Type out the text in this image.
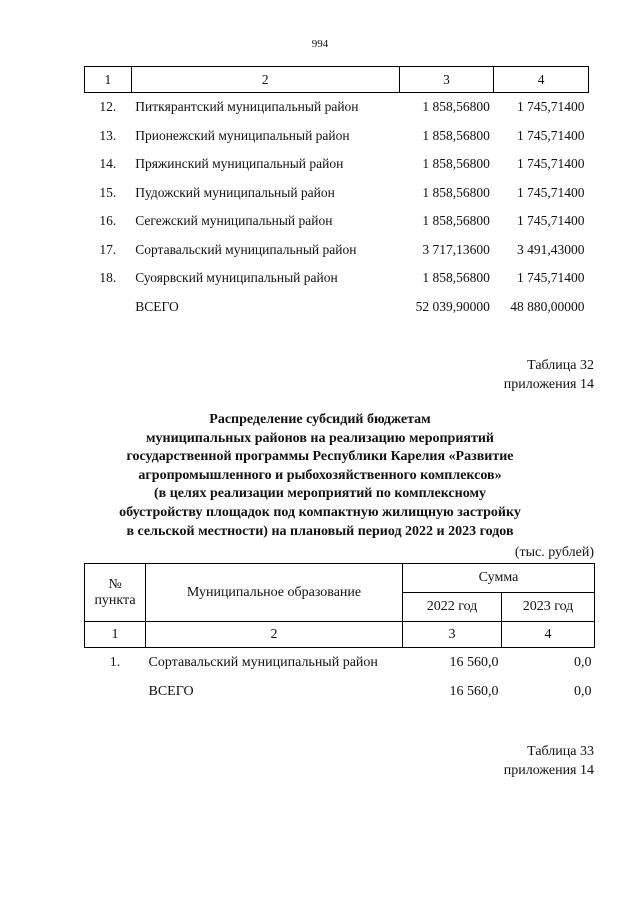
994
1	2	3	4
12.	Питкярантский муниципальный район	1 858,56800	1 745,71400
13.	Прионежский муниципальный район	1 858,56800	1 745,71400
14.	Пряжинский муниципальный район	1 858,56800	1 745,71400
15.	Пудожский муниципальный район	1 858,56800	1 745,71400
16.	Сегежский муниципальный район	1 858,56800	1 745,71400
17.	Сортавальский муниципальный район	3 717,13600	3 491,43000
18.	Суоярвский муниципальный район	1 858,56800	1 745,71400
	ВСЕГО	52 039,90000	48 880,00000
Таблица 32
приложения 14
Распределение субсидий бюджетам
муниципальных районов на реализацию мероприятий
государственной программы Республики Карелия «Развитие
агропромышленного и рыбохозяйственного комплексов»
(в целях реализации мероприятий по комплексному
обустройству площадок под компактную жилищную застройку
в сельской местности) на плановый период 2022 и 2023 годов
(тыс. рублей)
№ пункта	Муниципальное образование	Сумма	
		2022 год	2023 год
1	2	3	4
1.	Сортавальский муниципальный район	16 560,0	0,0
	ВСЕГО	16 560,0	0,0
Таблица 33
приложения 14
